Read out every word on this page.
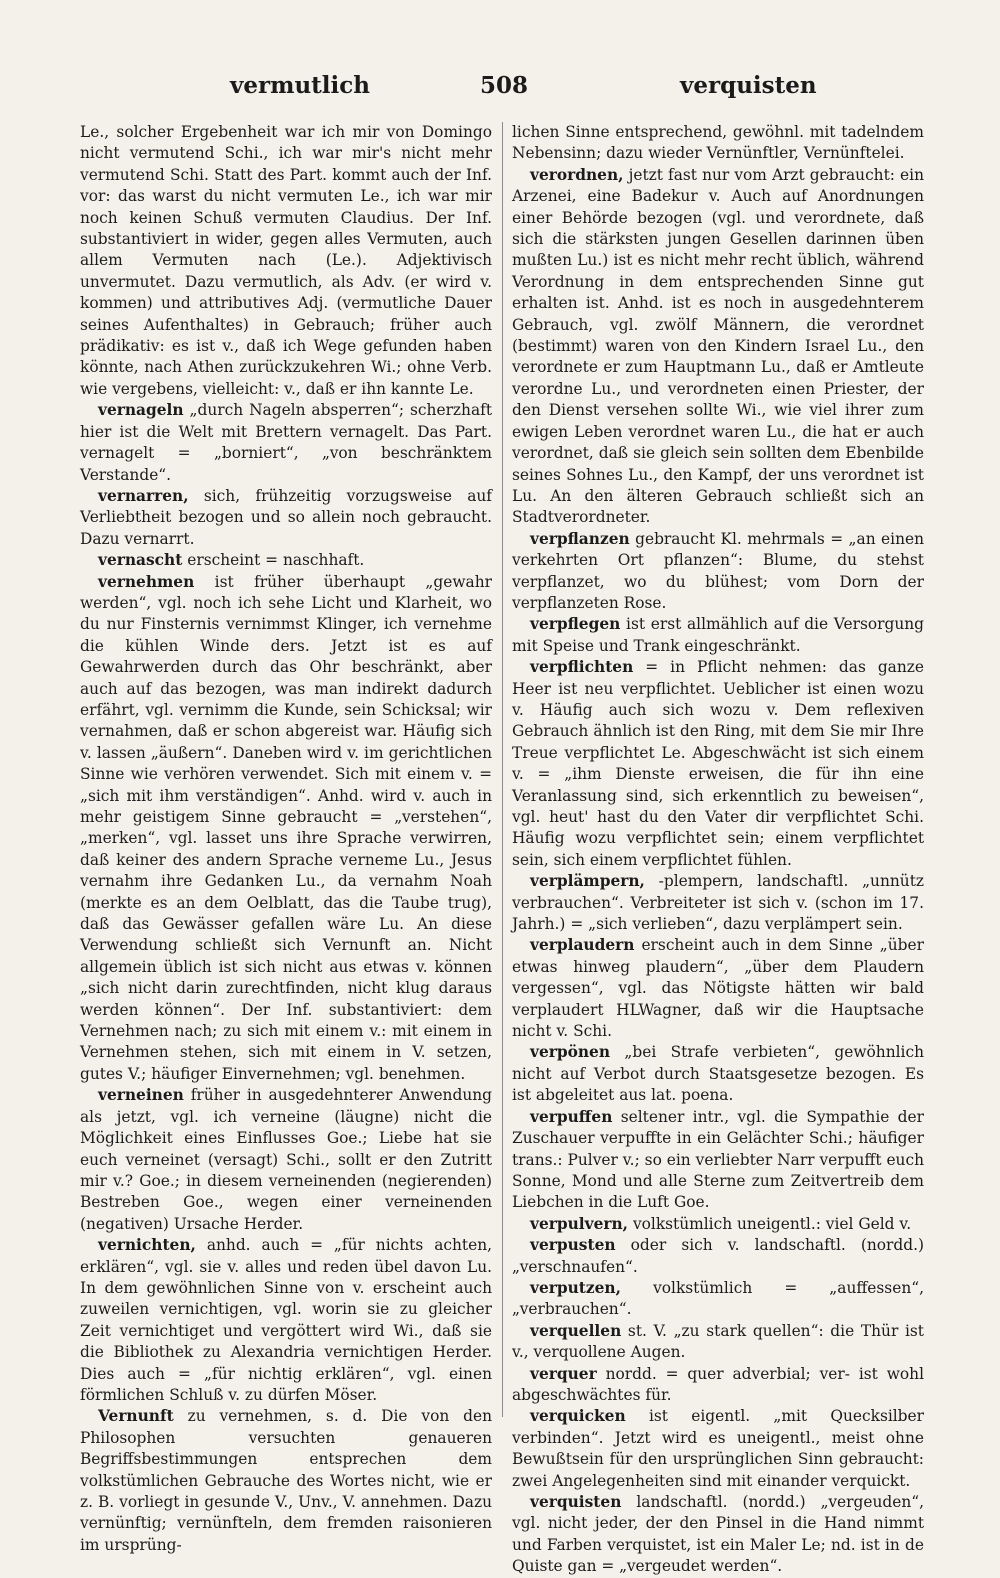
vermutlich	508	verquisten

Le., solcher Ergebenheit war ich mir von Domingo nicht vermutend Schi., ich war mir's nicht mehr vermutend Schi. Statt des Part. kommt auch der Inf. vor: das warst du nicht vermuten Le., ich war mir noch keinen Schuß vermuten Claudius. Der Inf. substantiviert in wider, gegen alles Vermuten, auch allem Vermuten nach (Le.). Adjektivisch unvermutet. Dazu vermutlich, als Adv. (er wird v. kommen) und attributives Adj. (vermutliche Dauer seines Aufenthaltes) in Gebrauch; früher auch prädikativ: es ist v., daß ich Wege gefunden haben könnte, nach Athen zurückzukehren Wi.; ohne Verb. wie vergebens, vielleicht: v., daß er ihn kannte Le.

vernageln „durch Nageln absperren“; scherzhaft hier ist die Welt mit Brettern vernagelt. Das Part. vernagelt = „borniert“, „von beschränktem Verstande“.

vernarren, sich, frühzeitig vorzugsweise auf Verliebtheit bezogen und so allein noch gebraucht. Dazu vernarrt.

vernascht erscheint = naschhaft.

vernehmen ist früher überhaupt „gewahr werden“, vgl. noch ich sehe Licht und Klarheit, wo du nur Finsternis vernimmst Klinger, ich vernehme die kühlen Winde ders. Jetzt ist es auf Gewahrwerden durch das Ohr beschränkt, aber auch auf das bezogen, was man indirekt dadurch erfährt, vgl. vernimm die Kunde, sein Schicksal; wir vernahmen, daß er schon abgereist war. Häufig sich v. lassen „äußern“. Daneben wird v. im gerichtlichen Sinne wie verhören verwendet. Sich mit einem v. = „sich mit ihm verständigen“. Anhd. wird v. auch in mehr geistigem Sinne gebraucht = „verstehen“, „merken“, vgl. lasset uns ihre Sprache verwirren, daß keiner des andern Sprache verneme Lu., Jesus vernahm ihre Gedanken Lu., da vernahm Noah (merkte es an dem Oelblatt, das die Taube trug), daß das Gewässer gefallen wäre Lu. An diese Verwendung schließt sich Vernunft an. Nicht allgemein üblich ist sich nicht aus etwas v. können „sich nicht darin zurechtfinden, nicht klug daraus werden können“. Der Inf. substantiviert: dem Vernehmen nach; zu sich mit einem v.: mit einem in Vernehmen stehen, sich mit einem in V. setzen, gutes V.; häufiger Einvernehmen; vgl. benehmen.

verneinen früher in ausgedehnterer Anwendung als jetzt, vgl. ich verneine (läugne) nicht die Möglichkeit eines Einflusses Goe.; Liebe hat sie euch verneinet (versagt) Schi., sollt er den Zutritt mir v.? Goe.; in diesem verneinenden (negierenden) Bestreben Goe., wegen einer verneinenden (negativen) Ursache Herder.

vernichten, anhd. auch = „für nichts achten, erklären“, vgl. sie v. alles und reden übel davon Lu. In dem gewöhnlichen Sinne von v. erscheint auch zuweilen vernichtigen, vgl. worin sie zu gleicher Zeit vernichtiget und vergöttert wird Wi., daß sie die Bibliothek zu Alexandria vernichtigen Herder. Dies auch = „für nichtig erklären“, vgl. einen förmlichen Schluß v. zu dürfen Möser.

Vernunft zu vernehmen, s. d. Die von den Philosophen versuchten genaueren Begriffsbestimmungen entsprechen dem volkstümlichen Gebrauche des Wortes nicht, wie er z. B. vorliegt in gesunde V., Unv., V. annehmen. Dazu vernünftig; vernünfteln, dem fremden raisonieren im ursprüng-

lichen Sinne entsprechend, gewöhnl. mit tadelndem Nebensinn; dazu wieder Vernünftler, Vernünftelei.

verordnen, jetzt fast nur vom Arzt gebraucht: ein Arzenei, eine Badekur v. Auch auf Anordnungen einer Behörde bezogen (vgl. und verordnete, daß sich die stärksten jungen Gesellen darinnen üben mußten Lu.) ist es nicht mehr recht üblich, während Verordnung in dem entsprechenden Sinne gut erhalten ist. Anhd. ist es noch in ausgedehnterem Gebrauch, vgl. zwölf Männern, die verordnet (bestimmt) waren von den Kindern Israel Lu., den verordnete er zum Hauptmann Lu., daß er Amtleute verordne Lu., und verordneten einen Priester, der den Dienst versehen sollte Wi., wie viel ihrer zum ewigen Leben verordnet waren Lu., die hat er auch verordnet, daß sie gleich sein sollten dem Ebenbilde seines Sohnes Lu., den Kampf, der uns verordnet ist Lu. An den älteren Gebrauch schließt sich an Stadtverordneter.

verpflanzen gebraucht Kl. mehrmals = „an einen verkehrten Ort pflanzen“: Blume, du stehst verpflanzet, wo du blühest; vom Dorn der verpflanzeten Rose.

verpflegen ist erst allmählich auf die Versorgung mit Speise und Trank eingeschränkt.

verpflichten = in Pflicht nehmen: das ganze Heer ist neu verpflichtet. Ueblicher ist einen wozu v. Häufig auch sich wozu v. Dem reflexiven Gebrauch ähnlich ist den Ring, mit dem Sie mir Ihre Treue verpflichtet Le. Abgeschwächt ist sich einem v. = „ihm Dienste erweisen, die für ihn eine Veranlassung sind, sich erkenntlich zu beweisen“, vgl. heut' hast du den Vater dir verpflichtet Schi. Häufig wozu verpflichtet sein; einem verpflichtet sein, sich einem verpflichtet fühlen.

verplämpern, -plempern, landschaftl. „unnütz verbrauchen“. Verbreiteter ist sich v. (schon im 17. Jahrh.) = „sich verlieben“, dazu verplämpert sein.

verplaudern erscheint auch in dem Sinne „über etwas hinweg plaudern“, „über dem Plaudern vergessen“, vgl. das Nötigste hätten wir bald verplaudert HLWagner, daß wir die Hauptsache nicht v. Schi.

verpönen „bei Strafe verbieten“, gewöhnlich nicht auf Verbot durch Staatsgesetze bezogen. Es ist abgeleitet aus lat. poena.

verpuffen seltener intr., vgl. die Sympathie der Zuschauer verpuffte in ein Gelächter Schi.; häufiger trans.: Pulver v.; so ein verliebter Narr verpufft euch Sonne, Mond und alle Sterne zum Zeitvertreib dem Liebchen in die Luft Goe.

verpulvern, volkstümlich uneigentl.: viel Geld v.

verpusten oder sich v. landschaftl. (nordd.) „verschnaufen“.

verputzen, volkstümlich = „auffessen“, „verbrauchen“.

verquellen st. V. „zu stark quellen“: die Thür ist v., verquollene Augen.

verquer nordd. = quer adverbial; ver- ist wohl abgeschwächtes für.

verquicken ist eigentl. „mit Quecksilber verbinden“. Jetzt wird es uneigentl., meist ohne Bewußtsein für den ursprünglichen Sinn gebraucht: zwei Angelegenheiten sind mit einander verquickt.

verquisten landschaftl. (nordd.) „vergeuden“, vgl. nicht jeder, der den Pinsel in die Hand nimmt und Farben verquistet, ist ein Maler Le; nd. ist in de Quiste gan = „vergeudet werden“.
